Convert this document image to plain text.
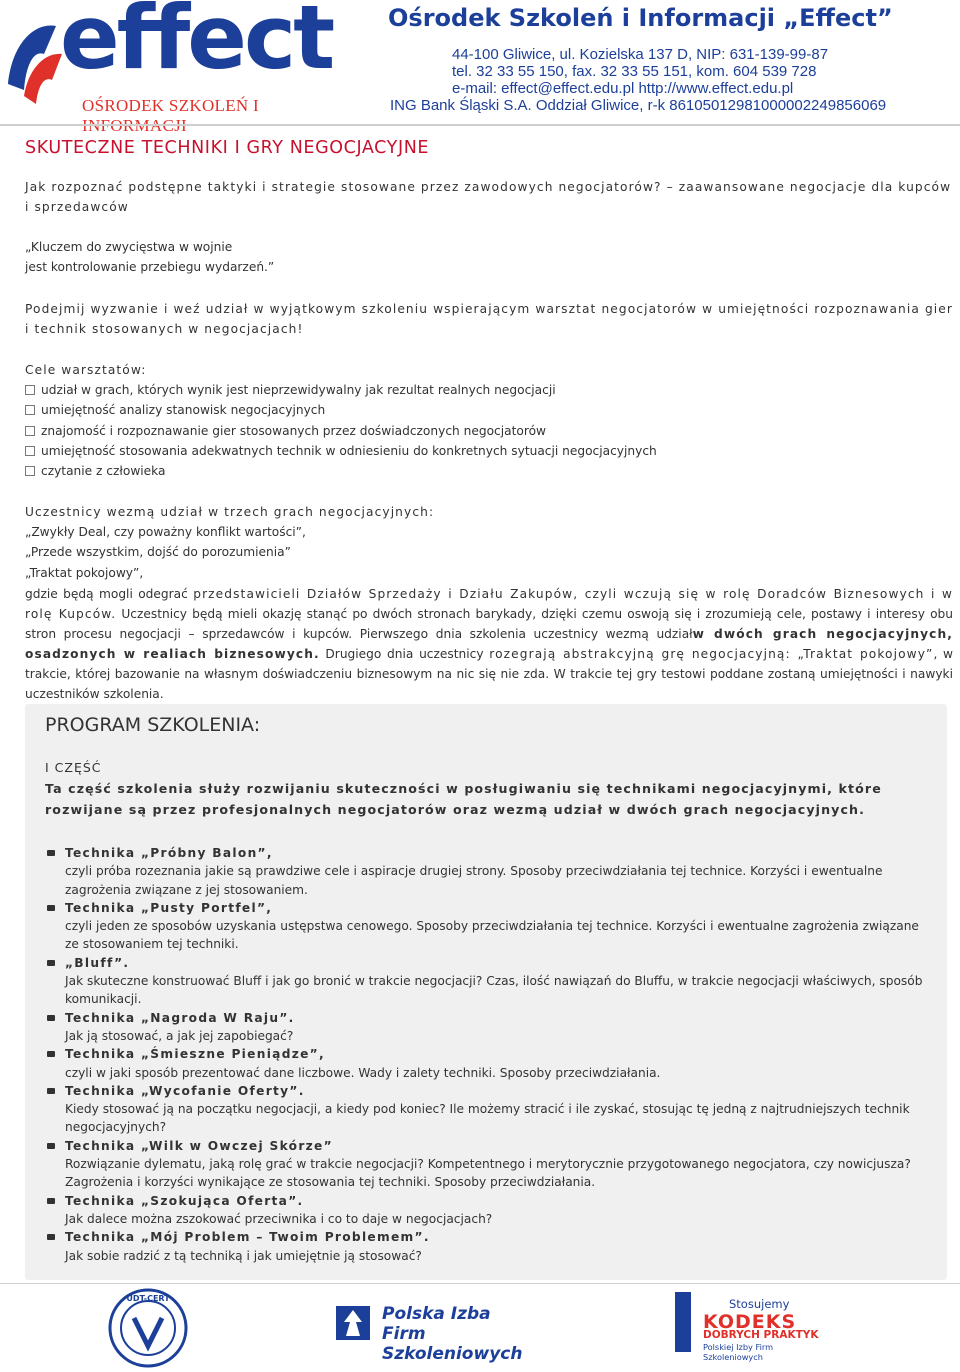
effect
OŚRODEK SZKOLEŃ I
Ośrodek Szkoleń i Informacji „Effect”
44-100 Gliwice, ul. Kozielska 137 D, NIP: 631-139-99-87
tel. 32 33 55 150, fax. 32 33 55 151, kom. 604 539 728
e-mail: effect@effect.edu.pl http://www.effect.edu.pl
ING Bank Śląski S.A. Oddział Gliwice, r-k 86105012981000002249856069
SKUTECZNE TECHNIKI I GRY NEGOCJACYJNE
Jak rozpoznać podstępne taktyki i strategie stosowane przez zawodowych negocjatorów? – zaawansowane negocjacje dla kupców i sprzedawców
„Kluczem do zwycięstwa w wojnie
jest kontrolowanie przebiegu wydarzeń.”
Podejmij wyzwanie i weź udział w wyjątkowym szkoleniu wspierającym warsztat negocjatorów w umiejętności rozpoznawania gier i technik stosowanych w negocjacjach!
Cele warsztatów:
udział w grach, których wynik jest nieprzewidywalny jak rezultat realnych negocjacji
umiejętność analizy stanowisk negocjacyjnych
znajomość i rozpoznawanie gier stosowanych przez doświadczonych negocjatorów
umiejętność stosowania adekwatnych technik w odniesieniu do konkretnych sytuacji negocjacyjnych
czytanie z człowieka
Uczestnicy wezmą udział w trzech grach negocjacyjnych:
„Zwykły Deal, czy poważny konflikt wartości”,
„Przede wszystkim, dojść do porozumienia”
„Traktat pokojowy”,
gdzie będą mogli odegrać przedstawicieli Działów Sprzedaży i Działu Zakupów, czyli wczują się w rolę Doradców Biznesowych i w rolę Kupców. Uczestnicy będą mieli okazję stanąć po dwóch stronach barykady, dzięki czemu oswoją się i zrozumieją cele, postawy i interesy obu stron procesu negocjacji – sprzedawców i kupców. Pierwszego dnia szkolenia uczestnicy wezmą udziałw dwóch grach negocjacyjnych, osadzonych w realiach biznesowych. Drugiego dnia uczestnicy rozegrają abstrakcyjną grę negocjacyjną: „Traktat pokojowy”, w trakcie, której bazowanie na własnym doświadczeniu biznesowym na nic się nie zda. W trakcie tej gry testowi poddane zostaną umiejętności i nawyki uczestników szkolenia.
PROGRAM SZKOLENIA:
I CZĘŚĆ
Ta część szkolenia służy rozwijaniu skuteczności w posługiwaniu się technikami negocjacyjnymi, które rozwijane są przez profesjonalnych negocjatorów oraz wezmą udział w dwóch grach negocjacyjnych.
Technika „Próbny Balon”,
czyli próba rozeznania jakie są prawdziwe cele i aspiracje drugiej strony. Sposoby przeciwdziałania tej technice. Korzyści i ewentualne zagrożenia związane z jej stosowaniem.
Technika „Pusty Portfel”,
czyli jeden ze sposobów uzyskania ustępstwa cenowego. Sposoby przeciwdziałania tej technice. Korzyści i ewentualne zagrożenia związane ze stosowaniem tej techniki.
„Bluff”.
Jak skuteczne konstruować Bluff i jak go bronić w trakcie negocjacji? Czas, ilość nawiązań do Bluffu, w trakcie negocjacji właściwych, sposób komunikacji.
Technika „Nagroda W Raju”.
Jak ją stosować, a jak jej zapobiegać?
Technika „Śmieszne Pieniądze”,
czyli w jaki sposób prezentować dane liczbowe. Wady i zalety techniki. Sposoby przeciwdziałania.
Technika „Wycofanie Oferty”.
Kiedy stosować ją na początku negocjacji, a kiedy pod koniec? Ile możemy stracić i ile zyskać, stosując tę jedną z najtrudniejszych technik negocjacyjnych?
Technika „Wilk w Owczej Skórze”
Rozwiązanie dylematu, jaką rolę grać w trakcie negocjacji? Kompetentnego i merytorycznie przygotowanego negocjatora, czy nowicjusza? Zagrożenia i korzyści wynikające ze stosowania tej techniki. Sposoby przeciwdziałania.
Technika „Szokująca Oferta”.
Jak dalece można zszokować przeciwnika i co to daje w negocjacjach?
Technika „Mój Problem – Twoim Problemem”.
Jak sobie radzić z tą techniką i jak umiejętnie ją stosować?
UDT-CERT
Polska Izba
Firm Szkoleniowych
Stosujemy
KODEKS
DOBRYCH PRAKTYK
Polskiej Izby Firm Szkoleniowych
